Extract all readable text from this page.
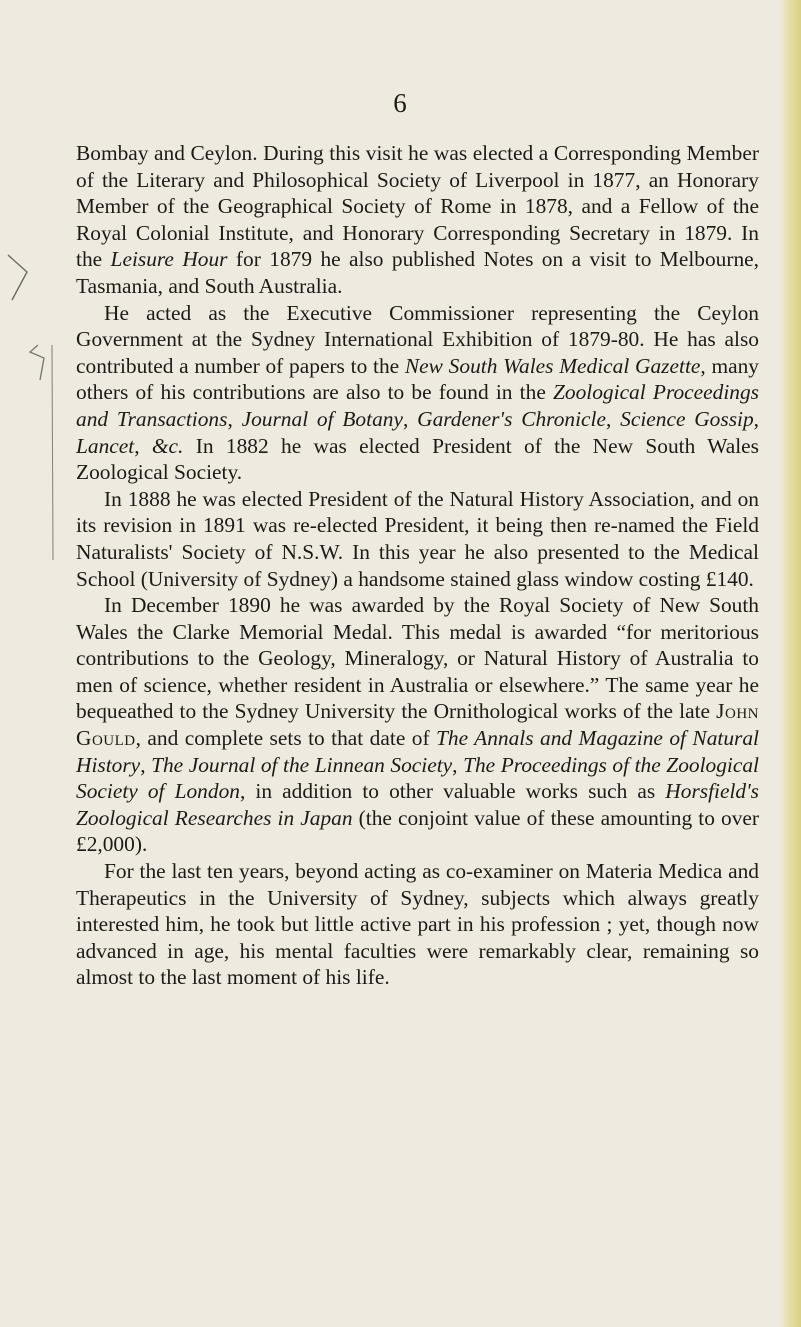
6

Bombay and Ceylon. During this visit he was elected a Corresponding Member of the Literary and Philosophical Society of Liverpool in 1877, an Honorary Member of the Geographical Society of Rome in 1878, and a Fellow of the Royal Colonial Institute, and Honorary Corresponding Secretary in 1879. In the Leisure Hour for 1879 he also published Notes on a visit to Melbourne, Tasmania, and South Australia.

He acted as the Executive Commissioner representing the Ceylon Government at the Sydney International Exhibition of 1879-80. He has also contributed a number of papers to the New South Wales Medical Gazette, many others of his contributions are also to be found in the Zoological Proceedings and Transactions, Journal of Botany, Gardener's Chronicle, Science Gossip, Lancet, &c. In 1882 he was elected President of the New South Wales Zoological Society.

In 1888 he was elected President of the Natural History Association, and on its revision in 1891 was re-elected President, it being then re-named the Field Naturalists' Society of N.S.W. In this year he also presented to the Medical School (University of Sydney) a handsome stained glass window costing £140.

In December 1890 he was awarded by the Royal Society of New South Wales the Clarke Memorial Medal. This medal is awarded “for meritorious contributions to the Geology, Mineralogy, or Natural History of Australia to men of science, whether resident in Australia or elsewhere.” The same year he bequeathed to the Sydney University the Ornithological works of the late John Gould, and complete sets to that date of The Annals and Magazine of Natural History, The Journal of the Linnean Society, The Proceedings of the Zoological Society of London, in addition to other valuable works such as Horsfield's Zoological Researches in Japan (the conjoint value of these amounting to over £2,000).

For the last ten years, beyond acting as co-examiner on Materia Medica and Therapeutics in the University of Sydney, subjects which always greatly interested him, he took but little active part in his profession ; yet, though now advanced in age, his mental faculties were remarkably clear, remaining so almost to the last moment of his life.
